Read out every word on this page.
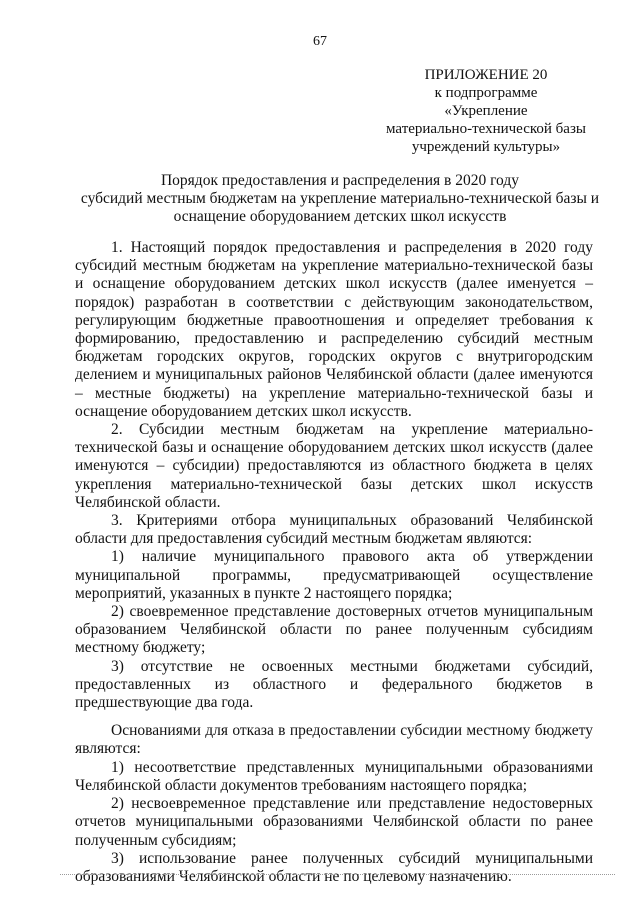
67
ПРИЛОЖЕНИЕ 20
к подпрограмме
«Укрепление
материально-технической базы
учреждений культуры»
Порядок предоставления и распределения в 2020 году
субсидий местным бюджетам на укрепление материально-технической базы и
оснащение оборудованием детских школ искусств

1. Настоящий порядок предоставления и распределения в 2020 году субсидий местным бюджетам на укрепление материально-технической базы и оснащение оборудованием детских школ искусств (далее именуется – порядок) разработан в соответствии с действующим законодательством, регулирующим бюджетные правоотношения и определяет требования к формированию, предоставлению и распределению субсидий местным бюджетам городских округов, городских округов с внутригородским делением и муниципальных районов Челябинской области (далее именуются – местные бюджеты) на укрепление материально-технической базы и оснащение оборудованием детских школ искусств.

2. Субсидии местным бюджетам на укрепление материально-технической базы и оснащение оборудованием детских школ искусств (далее именуются – субсидии) предоставляются из областного бюджета в целях укрепления материально-технической базы детских школ искусств Челябинской области.

3. Критериями отбора муниципальных образований Челябинской области для предоставления субсидий местным бюджетам являются:

1) наличие муниципального правового акта об утверждении муниципальной программы, предусматривающей осуществление мероприятий, указанных в пункте 2 настоящего порядка;

2) своевременное представление достоверных отчетов муниципальным образованием Челябинской области по ранее полученным субсидиям местному бюджету;

3) отсутствие не освоенных местными бюджетами субсидий, предоставленных из областного и федерального бюджетов в предшествующие два года.

Основаниями для отказа в предоставлении субсидии местному бюджету являются:

1) несоответствие представленных муниципальными образованиями Челябинской области документов требованиям настоящего порядка;

2) несвоевременное представление или представление недостоверных отчетов муниципальными образованиями Челябинской области по ранее полученным субсидиям;

3) использование ранее полученных субсидий муниципальными образованиями Челябинской области не по целевому назначению.
